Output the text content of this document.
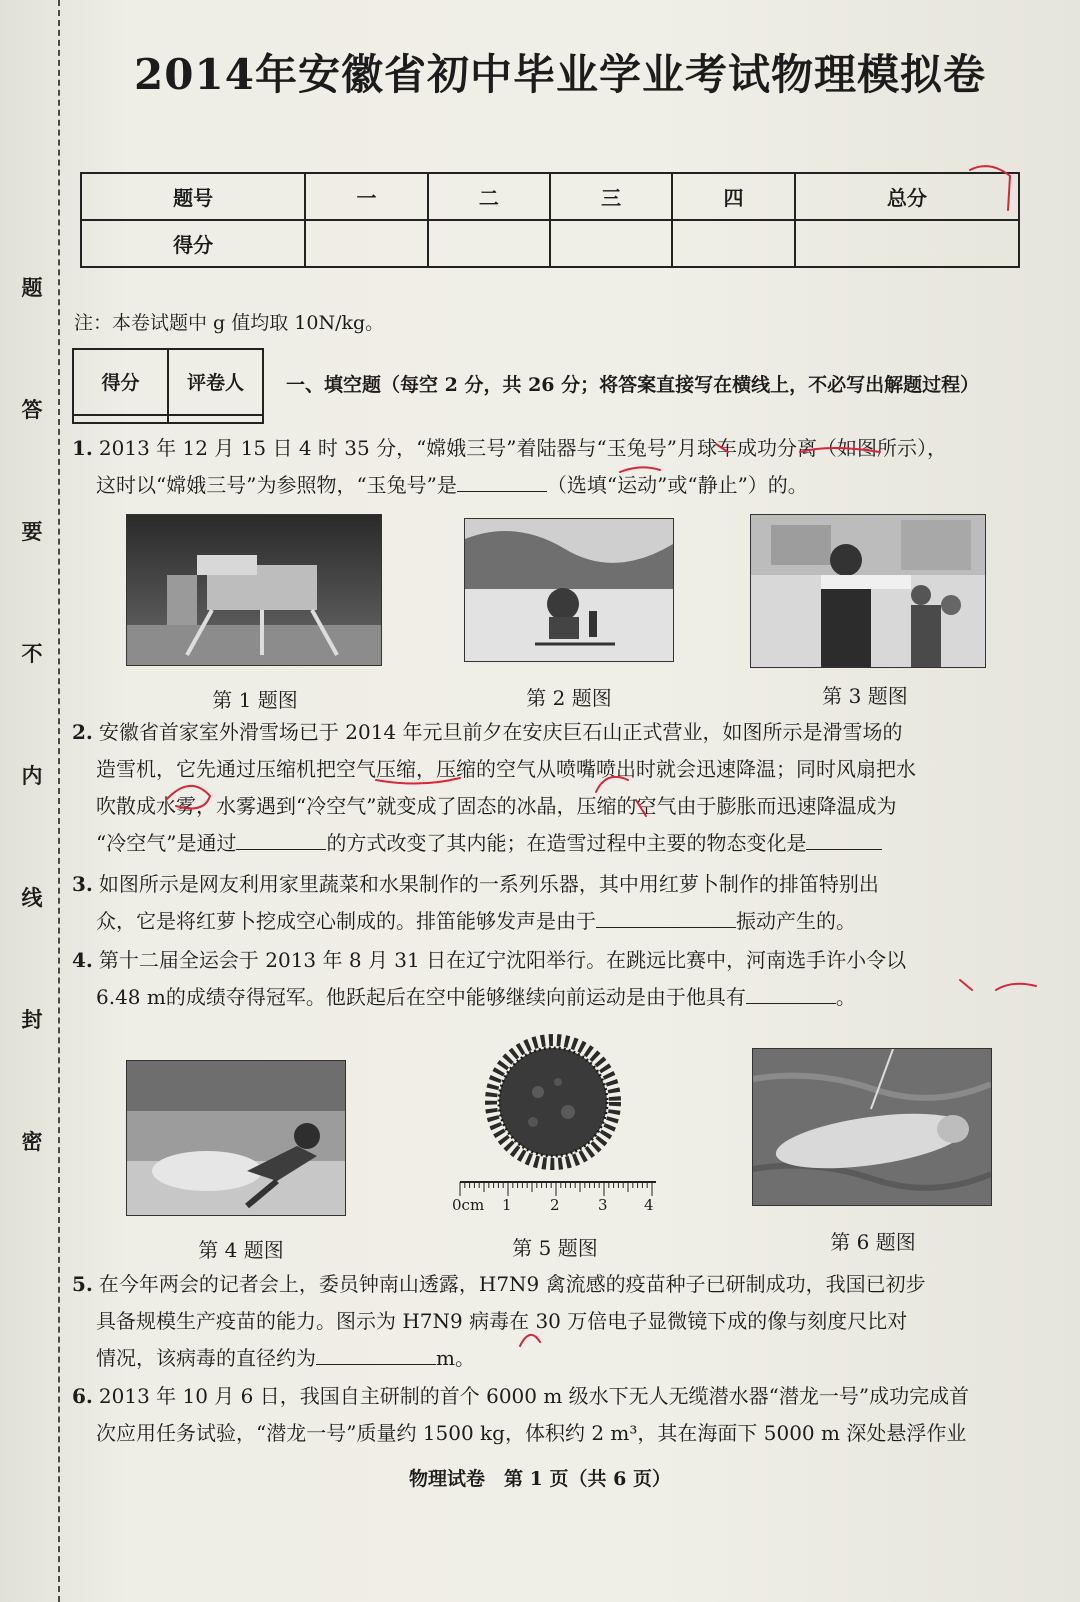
题
答
要
不
内
线
封
密
2014年安徽省初中毕业学业考试物理模拟卷
题号	一	二	三	四	总分
得分					
注：本卷试题中 g 值均取 10N/kg。
得分	评卷人
	一、填空题（每空 2 分，共 26 分；将答案直接写在横线上，不必写出解题过程）
1. 2013 年 12 月 15 日 4 时 35 分，“嫦娥三号”着陆器与“玉兔号”月球车成功分离（如图所示），
这时以“嫦娥三号”为参照物，“玉兔号”是	（选填“运动”或“静止”）的。
第 1 题图	第 2 题图	第 3 题图
2. 安徽省首家室外滑雪场已于 2014 年元旦前夕在安庆巨石山正式营业，如图所示是滑雪场的
造雪机，它先通过压缩机把空气压缩，压缩的空气从喷嘴喷出时就会迅速降温；同时风扇把水
吹散成水雾，水雾遇到“冷空气”就变成了固态的冰晶，压缩的空气由于膨胀而迅速降温成为
“冷空气”是通过	的方式改变了其内能；在造雪过程中主要的物态变化是
3. 如图所示是网友利用家里蔬菜和水果制作的一系列乐器，其中用红萝卜制作的排笛特别出
众，它是将红萝卜挖成空心制成的。排笛能够发声是由于	振动产生的。
4. 第十二届全运会于 2013 年 8 月 31 日在辽宁沈阳举行。在跳远比赛中，河南选手许小令以
6.48 m的成绩夺得冠军。他跃起后在空中能够继续向前运动是由于他具有	。
0cm 1	2	3 4
第 4 题图	第 5 题图	第 6 题图
5. 在今年两会的记者会上，委员钟南山透露，H7N9 禽流感的疫苗种子已研制成功，我国已初步
具备规模生产疫苗的能力。图示为 H7N9 病毒在 30 万倍电子显微镜下成的像与刻度尺比对
情况，该病毒的直径约为	m。
6. 2013 年 10 月 6 日，我国自主研制的首个 6000 m 级水下无人无缆潜水器“潜龙一号”成功完成首
次应用任务试验，“潜龙一号”质量约 1500 kg，体积约 2 m³，其在海面下 5000 m 深处悬浮作业
物理试卷　第 1 页（共 6 页）
